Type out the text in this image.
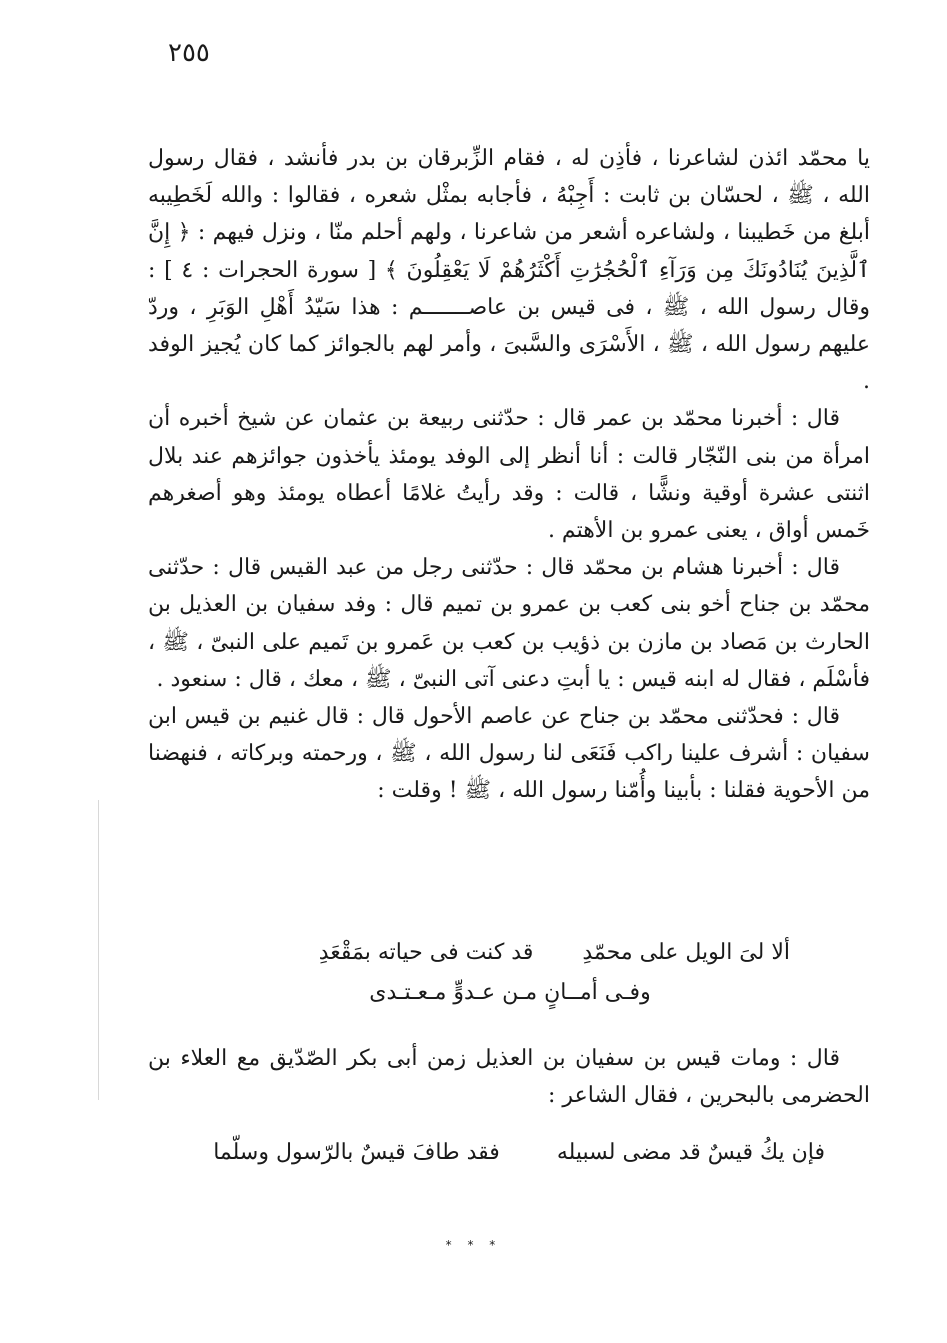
٢٥٥

يا محمّد ائذن لشاعرنا ، فأذِن له ، فقام الزِّبرقان بن بدر فأنشد ، فقال رسول الله ، ﷺ ، لحسّان بن ثابت : أَجِبْهُ ، فأجابه بمثْل شعره ، فقالوا : والله لَخَطِيبه أبلغ من خَطيبنا ، ولشاعره أشعر من شاعرنا ، ولهم أحلم منّا ، ونزل فيهم : ﴿ إِنَّ ٱلَّذِينَ يُنَادُونَكَ مِن وَرَآءِ ٱلْحُجُرَٰتِ أَكْثَرُهُمْ لَا يَعْقِلُونَ ﴾ [ سورة الحجرات : ٤ ] : وقال رسول الله ، ﷺ ، فى قيس بن عاصـــــــم : هذا سَيّدُ أَهْلِ الوَبَرِ ، وردّ عليهم رسول الله ، ﷺ ، الأَسْرَى والسَّبىَ ، وأمر لهم بالجوائز كما كان يُجيز الوفد .

قال : أخبرنا محمّد بن عمر قال : حدّثنى ربيعة بن عثمان عن شيخ أخبره أن امرأة من بنى النّجّار قالت : أنا أنظر إلى الوفد يومئذ يأخذون جوائزهم عند بلال اثنتى عشرة أوقية ونشًّا ، قالت : وقد رأيتُ غلامًا أعطاه يومئذ وهو أصغرهم خَمس أواق ، يعنى عمرو بن الأهتم .

قال : أخبرنا هشام بن محمّد قال : حدّثنى رجل من عبد القيس قال : حدّثنى محمّد بن جناح أخو بنى كعب بن عمرو بن تميم قال : وفد سفيان بن العذيل بن الحارث بن مَصاد بن مازن بن ذؤيب بن كعب بن عَمرو بن تَميم على النبىّ ، ﷺ ، فأسْلَم ، فقال له ابنه قيس : يا أبتِ دعنى آتى النبىّ ، ﷺ ، معك ، قال : سنعود .

قال : فحدّثنى محمّد بن جناح عن عاصم الأحول قال : قال غنيم بن قيس ابن سفيان : أشرف علينا راكب فَنَعَى لنا رسول الله ، ﷺ ، ورحمته وبركاته ، فنهضنا من الأحوية فقلنا : بأبينا وأُمّنا رسول الله ، ﷺ ! وقلت :

ألا لىَ الويل على محمّدِ قد كنت فى حياته بمَقْعَدِ
وفـى أمــانٍ مـن عـدوٍّ مـعـتـدى

قال : ومات قيس بن سفيان بن العذيل زمن أبى بكر الصّدّيق مع العلاء بن الحضرمى بالبحرين ، فقال الشاعر :

فإن يكُ قيسٌ قد مضى لسبيله فقد طافَ قيسٌ بالرّسول وسلّما
* * *
